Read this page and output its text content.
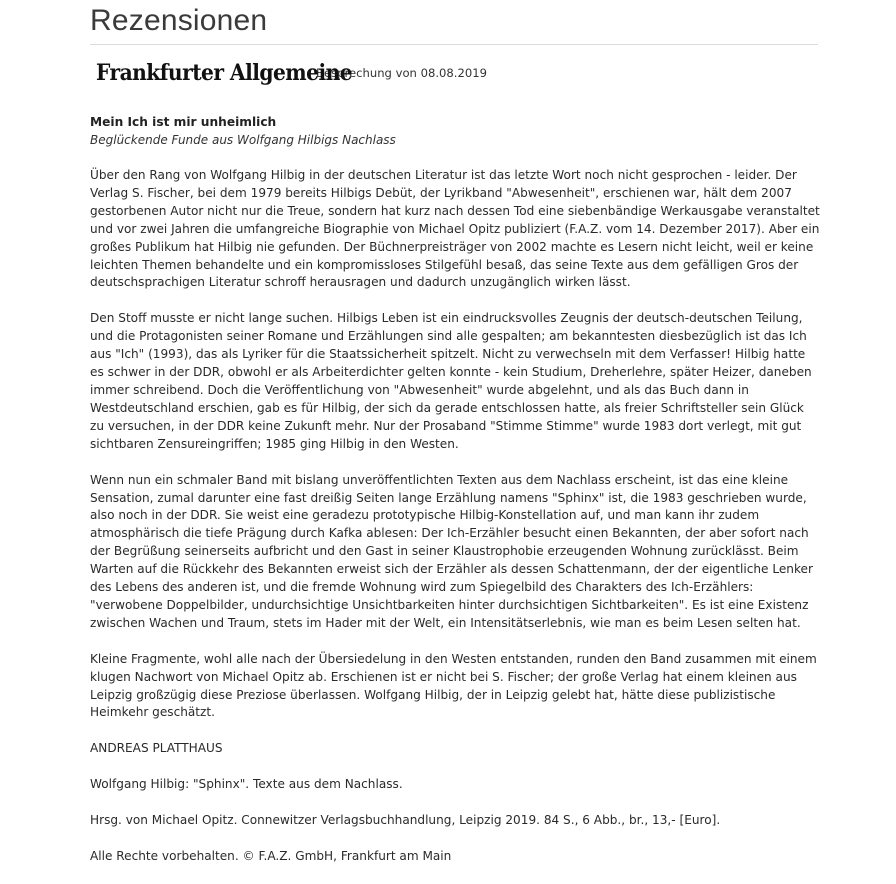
Rezensionen
Frankfurter Allgemeine
Besprechung von 08.08.2019

Mein Ich ist mir unheimlich

Beglückende Funde aus Wolfgang Hilbigs Nachlass

Über den Rang von Wolfgang Hilbig in der deutschen Literatur ist das letzte Wort noch nicht gesprochen - leider. Der Verlag S. Fischer, bei dem 1979 bereits Hilbigs Debüt, der Lyrikband "Abwesenheit", erschienen war, hält dem 2007 gestorbenen Autor nicht nur die Treue, sondern hat kurz nach dessen Tod eine siebenbändige Werkausgabe veranstaltet und vor zwei Jahren die umfangreiche Biographie von Michael Opitz publiziert (F.A.Z. vom 14. Dezember 2017). Aber ein großes Publikum hat Hilbig nie gefunden. Der Büchnerpreisträger von 2002 machte es Lesern nicht leicht, weil er keine leichten Themen behandelte und ein kompromissloses Stilgefühl besaß, das seine Texte aus dem gefälligen Gros der deutschsprachigen Literatur schroff herausragen und dadurch unzugänglich wirken lässt.

Den Stoff musste er nicht lange suchen. Hilbigs Leben ist ein eindrucksvolles Zeugnis der deutsch-deutschen Teilung, und die Protagonisten seiner Romane und Erzählungen sind alle gespalten; am bekanntesten diesbezüglich ist das Ich aus "Ich" (1993), das als Lyriker für die Staatssicherheit spitzelt. Nicht zu verwechseln mit dem Verfasser! Hilbig hatte es schwer in der DDR, obwohl er als Arbeiterdichter gelten konnte - kein Studium, Dreherlehre, später Heizer, daneben immer schreibend. Doch die Veröffentlichung von "Abwesenheit" wurde abgelehnt, und als das Buch dann in Westdeutschland erschien, gab es für Hilbig, der sich da gerade entschlossen hatte, als freier Schriftsteller sein Glück zu versuchen, in der DDR keine Zukunft mehr. Nur der Prosaband "Stimme Stimme" wurde 1983 dort verlegt, mit gut sichtbaren Zensureingriffen; 1985 ging Hilbig in den Westen.

Wenn nun ein schmaler Band mit bislang unveröffentlichten Texten aus dem Nachlass erscheint, ist das eine kleine Sensation, zumal darunter eine fast dreißig Seiten lange Erzählung namens "Sphinx" ist, die 1983 geschrieben wurde, also noch in der DDR. Sie weist eine geradezu prototypische Hilbig-Konstellation auf, und man kann ihr zudem atmosphärisch die tiefe Prägung durch Kafka ablesen: Der Ich-Erzähler besucht einen Bekannten, der aber sofort nach der Begrüßung seinerseits aufbricht und den Gast in seiner Klaustrophobie erzeugenden Wohnung zurücklässt. Beim Warten auf die Rückkehr des Bekannten erweist sich der Erzähler als dessen Schattenmann, der der eigentliche Lenker des Lebens des anderen ist, und die fremde Wohnung wird zum Spiegelbild des Charakters des Ich-Erzählers: "verwobene Doppelbilder, undurchsichtige Unsichtbarkeiten hinter durchsichtigen Sichtbarkeiten". Es ist eine Existenz zwischen Wachen und Traum, stets im Hader mit der Welt, ein Intensitätserlebnis, wie man es beim Lesen selten hat.

Kleine Fragmente, wohl alle nach der Übersiedelung in den Westen entstanden, runden den Band zusammen mit einem klugen Nachwort von Michael Opitz ab. Erschienen ist er nicht bei S. Fischer; der große Verlag hat einem kleinen aus Leipzig großzügig diese Preziose überlassen. Wolfgang Hilbig, der in Leipzig gelebt hat, hätte diese publizistische Heimkehr geschätzt.

ANDREAS PLATTHAUS

Wolfgang Hilbig: "Sphinx". Texte aus dem Nachlass.

Hrsg. von Michael Opitz. Connewitzer Verlagsbuchhandlung, Leipzig 2019. 84 S., 6 Abb., br., 13,- [Euro].

Alle Rechte vorbehalten. © F.A.Z. GmbH, Frankfurt am Main
